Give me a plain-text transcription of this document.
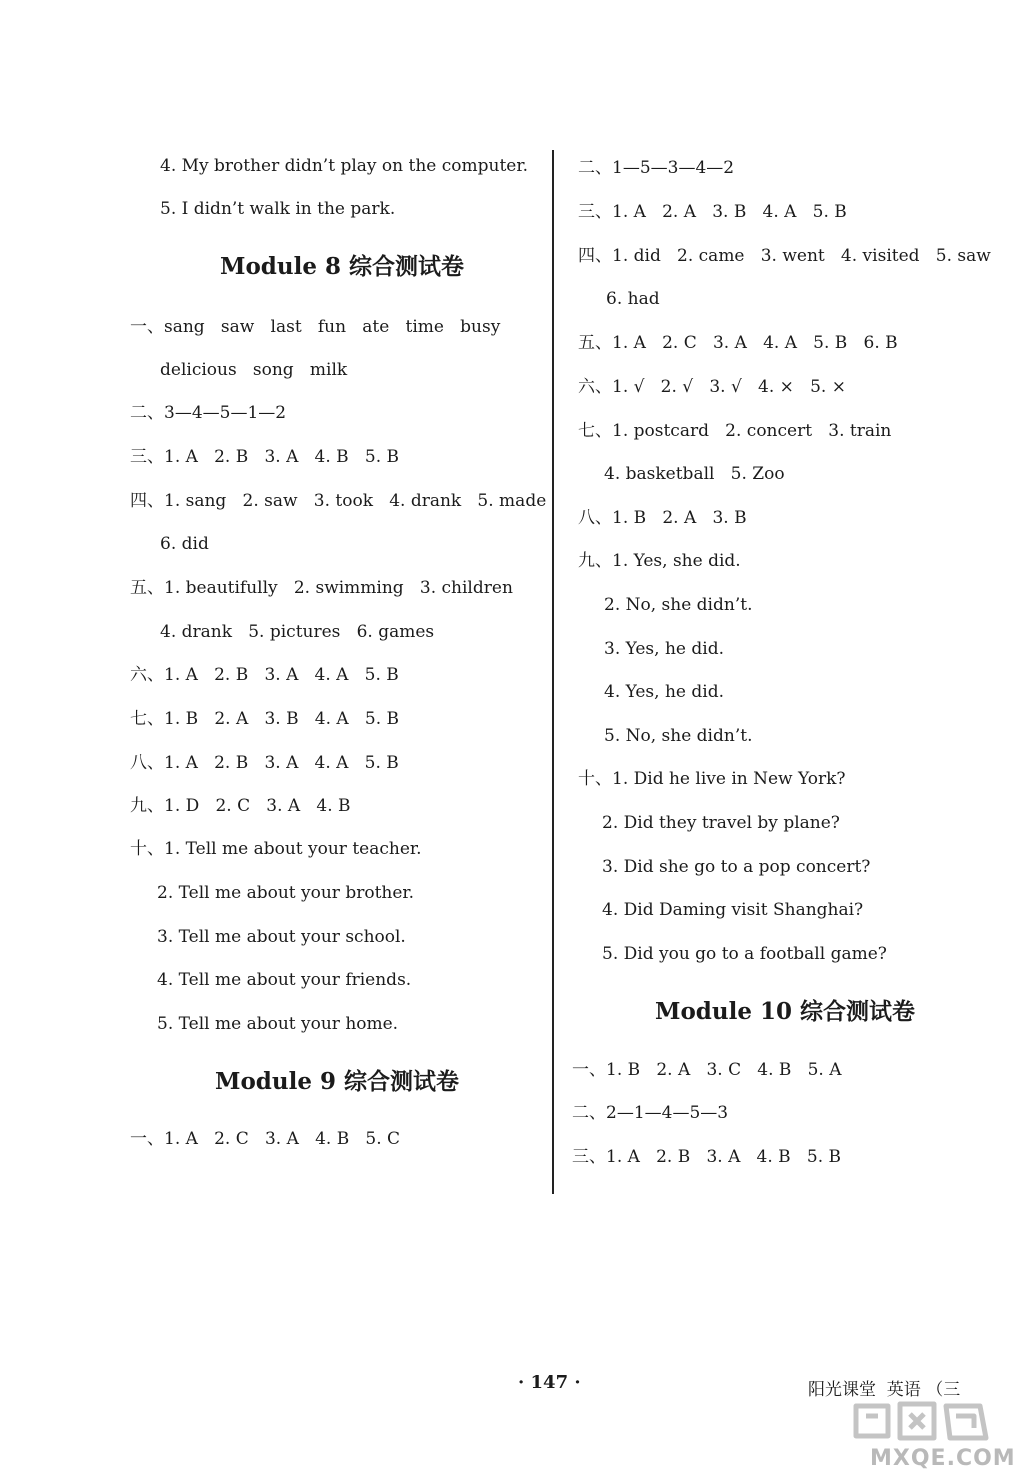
4. My brother didn’t play on the computer.
5. I didn’t walk in the park.
Module 8 综合测试卷
一、sang   saw   last   fun   ate   time   busy
delicious   song   milk
二、3—4—5—1—2
三、1. A   2. B   3. A   4. B   5. B
四、1. sang   2. saw   3. took   4. drank   5. made
6. did
五、1. beautifully   2. swimming   3. children
4. drank   5. pictures   6. games
六、1. A   2. B   3. A   4. A   5. B
七、1. B   2. A   3. B   4. A   5. B
八、1. A   2. B   3. A   4. A   5. B
九、1. D   2. C   3. A   4. B
十、1. Tell me about your teacher.
2. Tell me about your brother.
3. Tell me about your school.
4. Tell me about your friends.
5. Tell me about your home.
Module 9 综合测试卷
一、1. A   2. C   3. A   4. B   5. C
二、1—5—3—4—2
三、1. A   2. A   3. B   4. A   5. B
四、1. did   2. came   3. went   4. visited   5. saw
6. had
五、1. A   2. C   3. A   4. A   5. B   6. B
六、1. √   2. √   3. √   4. ×   5. ×
七、1. postcard   2. concert   3. train
4. basketball   5. Zoo
八、1. B   2. A   3. B
九、1. Yes, she did.
2. No, she didn’t.
3. Yes, he did.
4. Yes, he did.
5. No, she didn’t.
十、1. Did he live in New York?
2. Did they travel by plane?
3. Did she go to a pop concert?
4. Did Daming visit Shanghai?
5. Did you go to a football game?
Module 10 综合测试卷
一、1. B   2. A   3. C   4. B   5. A
二、2—1—4—5—3
三、1. A   2. B   3. A   4. B   5. B
· 147 ·	阳光课堂  英语 （三
MXQE.COM
